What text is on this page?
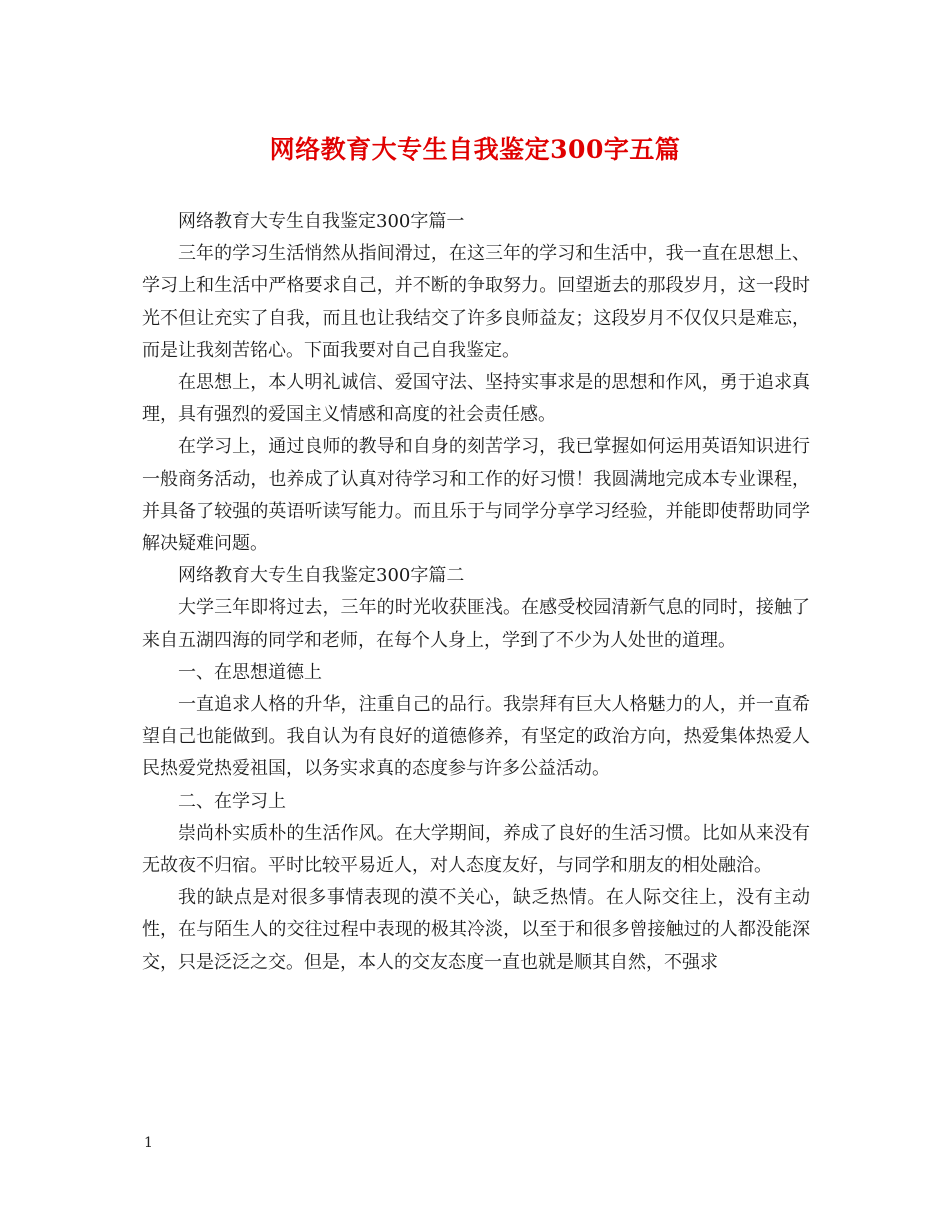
网络教育大专生自我鉴定300字五篇

网络教育大专生自我鉴定300字篇一

三年的学习生活悄然从指间滑过，在这三年的学习和生活中，我一直在思想上、学习上和生活中严格要求自己，并不断的争取努力。回望逝去的那段岁月，这一段时光不但让充实了自我，而且也让我结交了许多良师益友；这段岁月不仅仅只是难忘，而是让我刻苦铭心。下面我要对自己自我鉴定。

在思想上，本人明礼诚信、爱国守法、坚持实事求是的思想和作风，勇于追求真理，具有强烈的爱国主义情感和高度的社会责任感。

在学习上，通过良师的教导和自身的刻苦学习，我已掌握如何运用英语知识进行一般商务活动，也养成了认真对待学习和工作的好习惯！我圆满地完成本专业课程，并具备了较强的英语听读写能力。而且乐于与同学分享学习经验，并能即使帮助同学解决疑难问题。

网络教育大专生自我鉴定300字篇二

大学三年即将过去，三年的时光收获匪浅。在感受校园清新气息的同时，接触了来自五湖四海的同学和老师，在每个人身上，学到了不少为人处世的道理。

一、在思想道德上

一直追求人格的升华，注重自己的品行。我崇拜有巨大人格魅力的人，并一直希望自己也能做到。我自认为有良好的道德修养，有坚定的政治方向，热爱集体热爱人民热爱党热爱祖国，以务实求真的态度参与许多公益活动。

二、在学习上

崇尚朴实质朴的生活作风。在大学期间，养成了良好的生活习惯。比如从来没有无故夜不归宿。平时比较平易近人，对人态度友好，与同学和朋友的相处融洽。

我的缺点是对很多事情表现的漠不关心，缺乏热情。在人际交往上，没有主动性，在与陌生人的交往过程中表现的极其冷淡，以至于和很多曾接触过的人都没能深交，只是泛泛之交。但是，本人的交友态度一直也就是顺其自然，不强求

1
